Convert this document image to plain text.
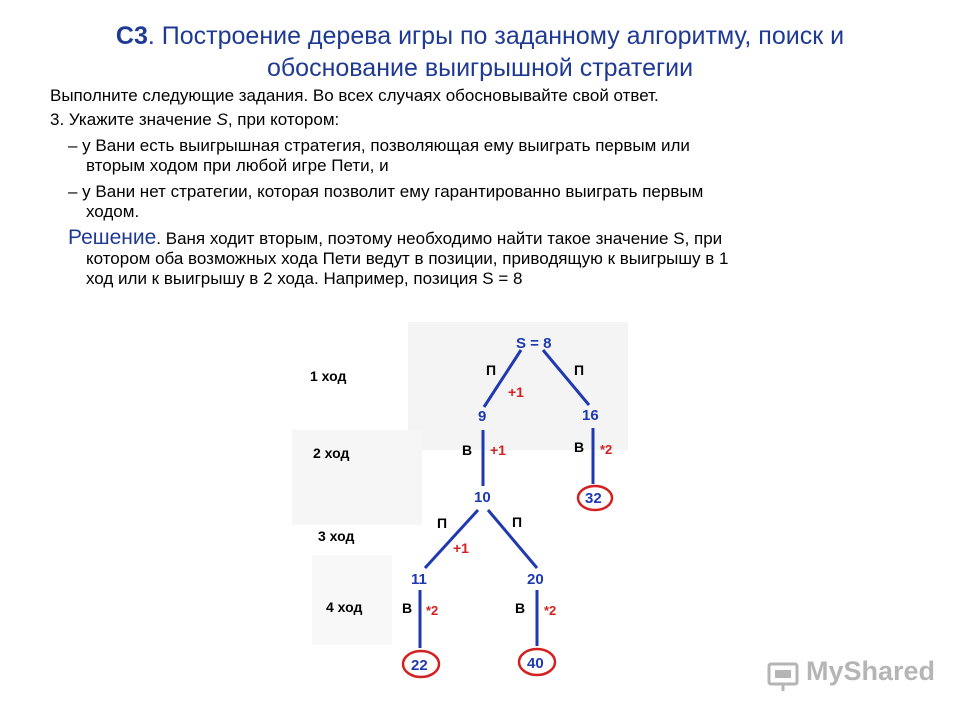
С3. Построение дерева игры по заданному алгоритму, поиск и
обоснование выигрышной стратегии
Выполните следующие задания. Во всех случаях обосновывайте свой ответ.
3. Укажите значение S, при котором:
– у Вани есть выигрышная стратегия, позволяющая ему выиграть первым или
вторым ходом при любой игре Пети, и
– у Вани нет стратегии, которая позволит ему гарантированно выиграть первым
ходом.
Решение. Ваня ходит вторым, поэтому необходимо найти такое значение S, при
котором оба возможных хода Пети ведут в позиции, приводящую к выигрышу в 1
ход или к выигрышу в 2 хода. Например, позиция S = 8
1 ход
2 ход
3 ход
4 ход
S = 8
9	16
10
11	20
32
22	40
П	П
В	В
П	П
В	В
+1
+1	*2
+1
*2	*2
MyShared
